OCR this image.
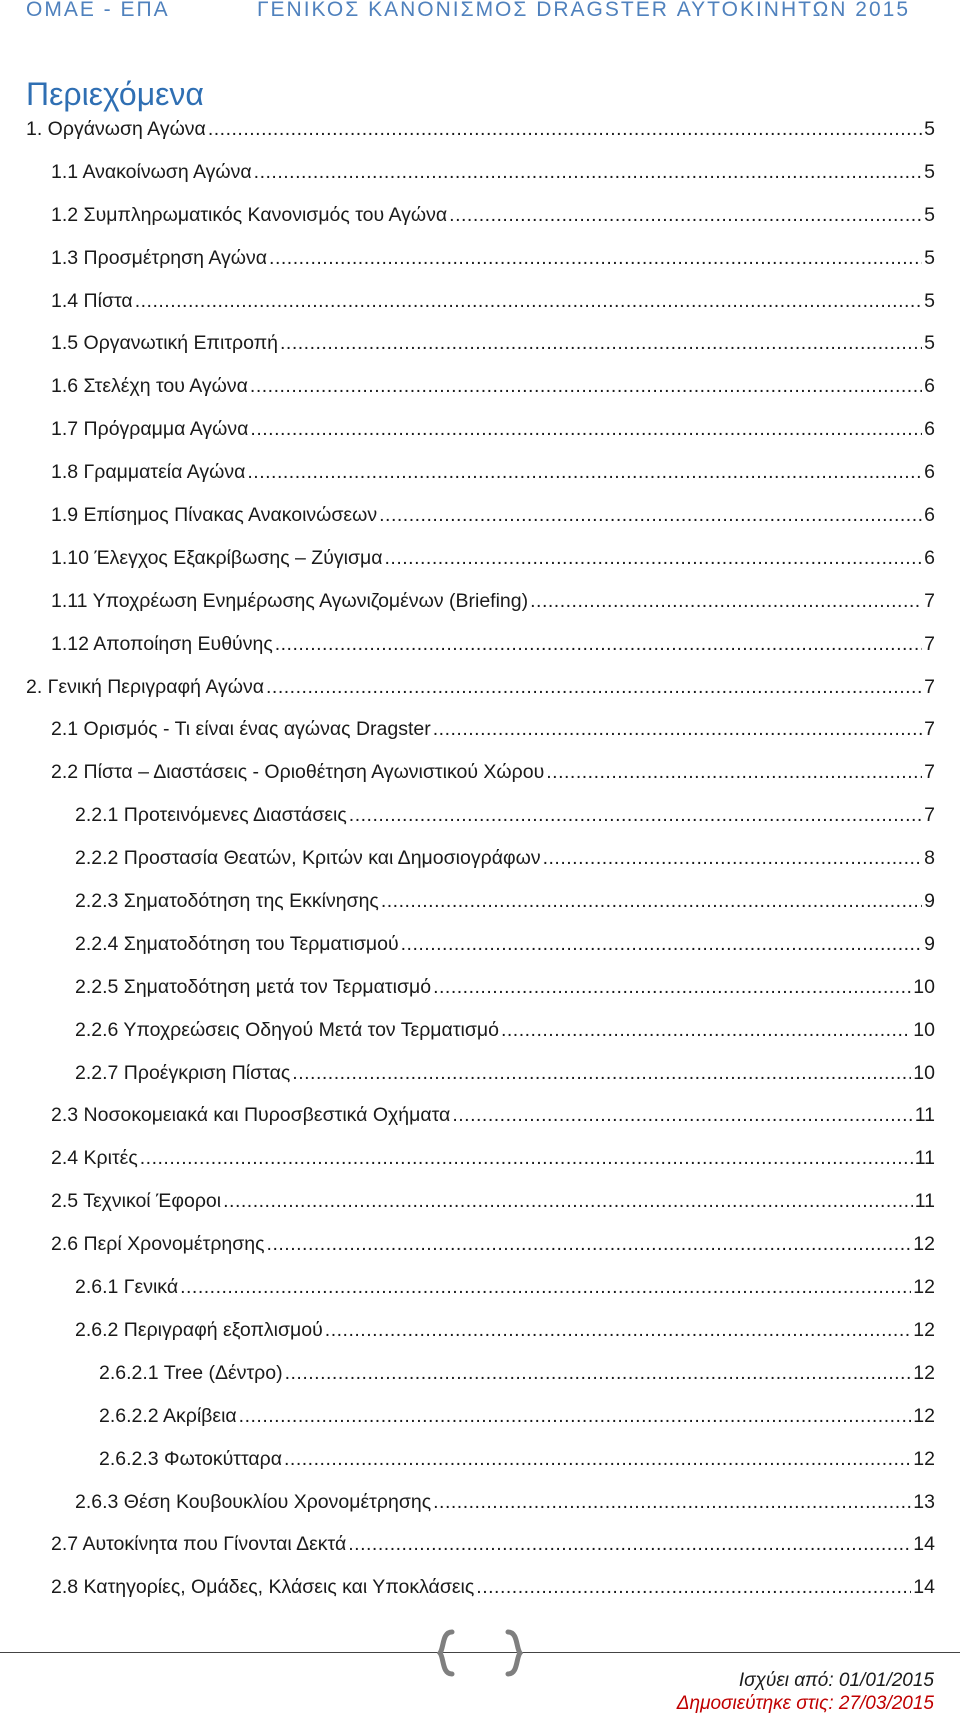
ΟΜΑΕ - ΕΠΑ	ΓΕΝΙΚΟΣ ΚΑΝΟΝΙΣΜΟΣ DRAGSTER ΑΥΤΟΚΙΝΗΤΩΝ 2015
Περιεχόμενα
1. Οργάνωση Αγώνα .....	5
1.1 Ανακοίνωση Αγώνα .....	5
1.2 Συμπληρωματικός Κανονισμός του Αγώνα .....	5
1.3 Προσμέτρηση Αγώνα .....	5
1.4 Πίστα .....	5
1.5 Οργανωτική Επιτροπή .....	5
1.6 Στελέχη του Αγώνα .....	6
1.7 Πρόγραμμα Αγώνα .....	6
1.8 Γραμματεία Αγώνα .....	6
1.9 Επίσημος Πίνακας Ανακοινώσεων .....	6
1.10 Έλεγχος Εξακρίβωσης – Ζύγισμα .....	6
1.11 Υποχρέωση Ενημέρωσης Αγωνιζομένων (Briefing) .....	7
1.12 Αποποίηση Ευθύνης .....	7
2. Γενική Περιγραφή Αγώνα .....	7
2.1 Ορισμός - Τι είναι ένας αγώνας Dragster .....	7
2.2 Πίστα – Διαστάσεις - Οριοθέτηση Αγωνιστικού Χώρου .....	7
2.2.1 Προτεινόμενες Διαστάσεις .....	7
2.2.2 Προστασία Θεατών, Κριτών και Δημοσιογράφων .....	8
2.2.3 Σηματοδότηση της Εκκίνησης .....	9
2.2.4 Σηματοδότηση του Τερματισμού .....	9
2.2.5 Σηματοδότηση μετά τον Τερματισμό .....	10
2.2.6 Υποχρεώσεις Οδηγού Μετά τον Τερματισμό .....	10
2.2.7 Προέγκριση Πίστας .....	10
2.3 Νοσοκομειακά και Πυροσβεστικά Οχήματα .....	11
2.4 Κριτές .....	11
2.5 Τεχνικοί Έφοροι .....	11
2.6 Περί Χρονομέτρησης .....	12
2.6.1 Γενικά .....	12
2.6.2 Περιγραφή εξοπλισμού .....	12
2.6.2.1 Tree (Δέντρο) .....	12
2.6.2.2 Ακρίβεια .....	12
2.6.2.3 Φωτοκύτταρα .....	12
2.6.3 Θέση Κουβουκλίου Χρονομέτρησης .....	13
2.7 Αυτοκίνητα που Γίνονται Δεκτά .....	14
2.8 Κατηγορίες, Ομάδες, Κλάσεις και Υποκλάσεις .....	14
Ισχύει από: 01/01/2015
Δημοσιεύτηκε στις: 27/03/2015
